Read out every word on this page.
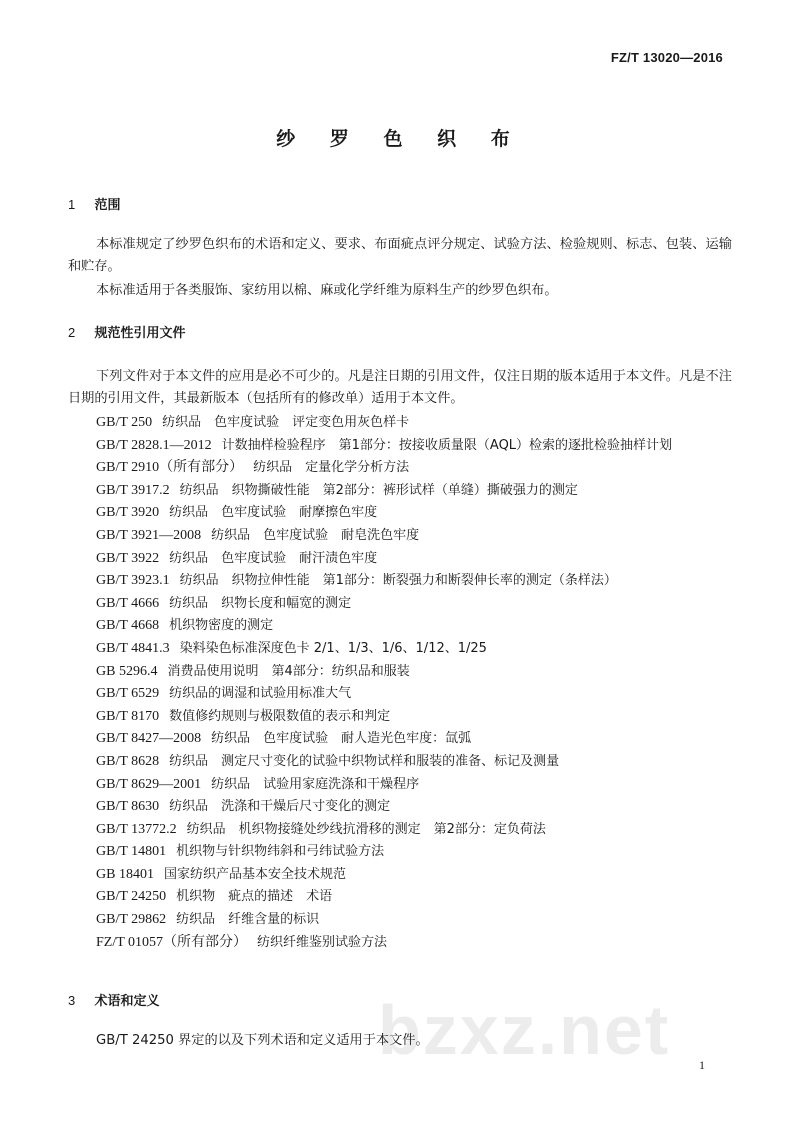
bzxz.net
FZ/T 13020—2016
纱 罗 色 织 布
1 范围
本标准规定了纱罗色织布的术语和定义、要求、布面疵点评分规定、试验方法、检验规则、标志、包装、运输和贮存。
本标准适用于各类服饰、家纺用以棉、麻或化学纤维为原料生产的纱罗色织布。
2 规范性引用文件
下列文件对于本文件的应用是必不可少的。凡是注日期的引用文件，仅注日期的版本适用于本文件。凡是不注日期的引用文件，其最新版本（包括所有的修改单）适用于本文件。
GB/T 250 纺织品　色牢度试验　评定变色用灰色样卡
GB/T 2828.1—2012 计数抽样检验程序　第1部分：按接收质量限（AQL）检索的逐批检验抽样计划
GB/T 2910（所有部分） 纺织品　定量化学分析方法
GB/T 3917.2 纺织品　织物撕破性能　第2部分：裤形试样（单缝）撕破强力的测定
GB/T 3920 纺织品　色牢度试验　耐摩擦色牢度
GB/T 3921—2008 纺织品　色牢度试验　耐皂洗色牢度
GB/T 3922 纺织品　色牢度试验　耐汗渍色牢度
GB/T 3923.1 纺织品　织物拉伸性能　第1部分：断裂强力和断裂伸长率的测定（条样法）
GB/T 4666 纺织品　织物长度和幅宽的测定
GB/T 4668 机织物密度的测定
GB/T 4841.3 染料染色标准深度色卡 2/1、1/3、1/6、1/12、1/25
GB 5296.4 消费品使用说明　第4部分：纺织品和服装
GB/T 6529 纺织品的调湿和试验用标准大气
GB/T 8170 数值修约规则与极限数值的表示和判定
GB/T 8427—2008 纺织品　色牢度试验　耐人造光色牢度：氙弧
GB/T 8628 纺织品　测定尺寸变化的试验中织物试样和服装的准备、标记及测量
GB/T 8629—2001 纺织品　试验用家庭洗涤和干燥程序
GB/T 8630 纺织品　洗涤和干燥后尺寸变化的测定
GB/T 13772.2 纺织品　机织物接缝处纱线抗滑移的测定　第2部分：定负荷法
GB/T 14801 机织物与针织物纬斜和弓纬试验方法
GB 18401 国家纺织产品基本安全技术规范
GB/T 24250 机织物　疵点的描述　术语
GB/T 29862 纺织品　纤维含量的标识
FZ/T 01057（所有部分） 纺织纤维鉴别试验方法
3 术语和定义
GB/T 24250 界定的以及下列术语和定义适用于本文件。
1
